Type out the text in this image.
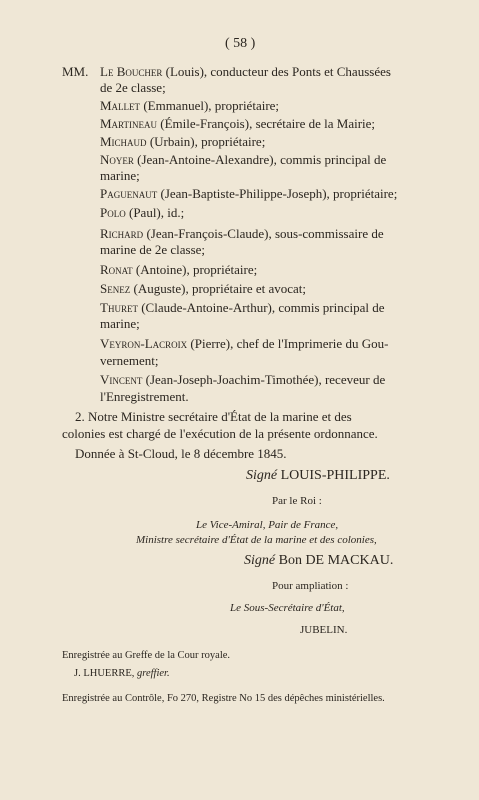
( 58 )
MM. Le Boucher (Louis), conducteur des Ponts et Chaussées
de 2e classe;
Mallet (Emmanuel), propriétaire;
Martineau (Émile-François), secrétaire de la Mairie;
Michaud (Urbain), propriétaire;
Noyer (Jean-Antoine-Alexandre), commis principal de
marine;
Paguenaut (Jean-Baptiste-Philippe-Joseph), propriétaire;
Polo (Paul), id.;
Richard (Jean-François-Claude), sous-commissaire de
marine de 2e classe;
Ronat (Antoine), propriétaire;
Senez (Auguste), propriétaire et avocat;
Thuret (Claude-Antoine-Arthur), commis principal de
marine;
Veyron-Lacroix (Pierre), chef de l'Imprimerie du Gou-
vernement;
Vincent (Jean-Joseph-Joachim-Timothée), receveur de
l'Enregistrement.
2. Notre Ministre secrétaire d'État de la marine et des
colonies est chargé de l'exécution de la présente ordonnance.
Donnée à St-Cloud, le 8 décembre 1845.
Signé LOUIS-PHILIPPE.
Par le Roi :
Le Vice-Amiral, Pair de France,
Ministre secrétaire d'État de la marine et des colonies,
Signé Bon DE MACKAU.
Pour ampliation :
Le Sous-Secrétaire d'État,
JUBELIN.
Enregistrée au Greffe de la Cour royale.
J. LHUERRE, greffier.
Enregistrée au Contrôle, Fo 270, Registre No 15 des dépêches ministérielles.
